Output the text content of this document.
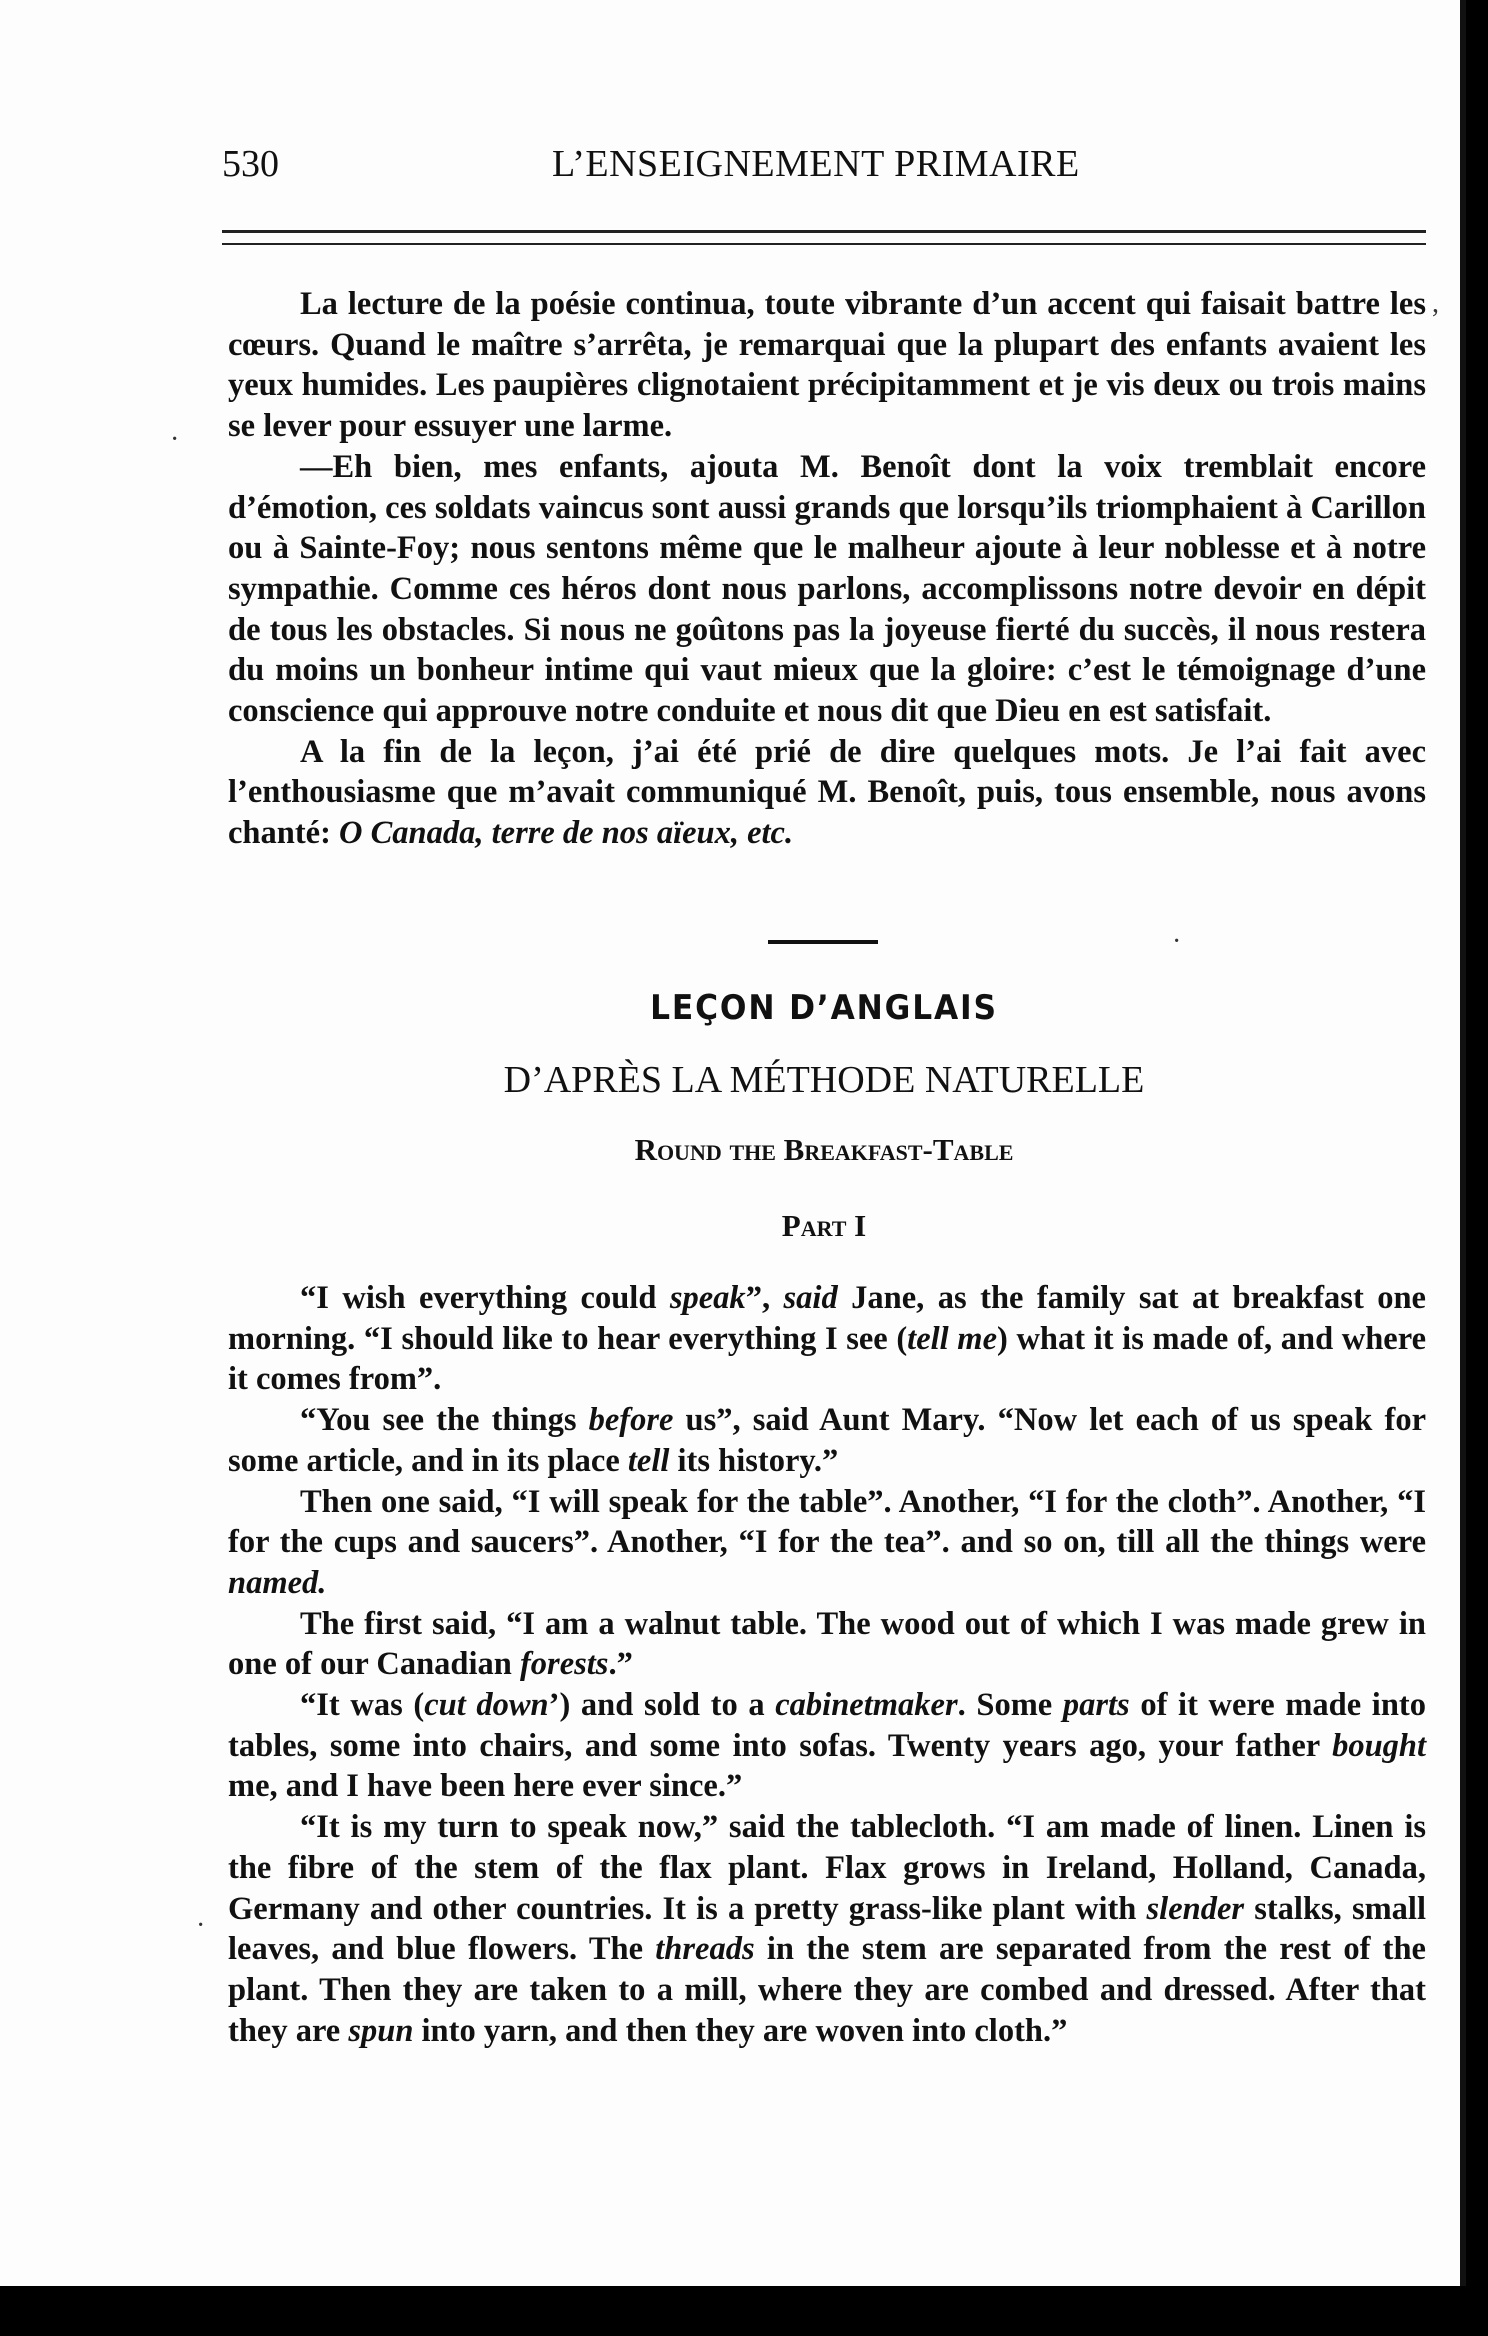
530	L’ENSEIGNEMENT PRIMAIRE

La lecture de la poésie continua, toute vibrante d’un accent qui faisait battre les cœurs. Quand le maître s’arrêta, je remarquai que la plupart des enfants avaient les yeux humides. Les paupières clignotaient précipitamment et je vis deux ou trois mains se lever pour essuyer une larme.

—Eh bien, mes enfants, ajouta M. Benoît dont la voix tremblait encore d’émotion, ces soldats vaincus sont aussi grands que lorsqu’ils triomphaient à Carillon ou à Sainte-Foy; nous sentons même que le malheur ajoute à leur noblesse et à notre sympathie. Comme ces héros dont nous parlons, accomplissons notre devoir en dépit de tous les obstacles. Si nous ne goûtons pas la joyeuse fierté du succès, il nous restera du moins un bonheur intime qui vaut mieux que la gloire: c’est le témoignage d’une conscience qui approuve notre conduite et nous dit que Dieu en est satisfait.

A la fin de la leçon, j’ai été prié de dire quelques mots. Je l’ai fait avec l’enthousiasme que m’avait communiqué M. Benoît, puis, tous ensemble, nous avons chanté: O Canada, terre de nos aïeux, etc.

LEÇON D’ANGLAIS
D’APRÈS LA MÉTHODE NATURELLE
Round the Breakfast-Table
Part I

“I wish everything could speak”, said Jane, as the family sat at breakfast one morning. “I should like to hear everything I see (tell me) what it is made of, and where it comes from”.

“You see the things before us”, said Aunt Mary. “Now let each of us speak for some article, and in its place tell its history.”

Then one said, “I will speak for the table”. Another, “I for the cloth”. Another, “I for the cups and saucers”. Another, “I for the tea”. and so on, till all the things were named.

The first said, “I am a walnut table. The wood out of which I was made grew in one of our Canadian forests.”

“It was (cut down’) and sold to a cabinetmaker. Some parts of it were made into tables, some into chairs, and some into sofas. Twenty years ago, your father bought me, and I have been here ever since.”

“It is my turn to speak now,” said the tablecloth. “I am made of linen. Linen is the fibre of the stem of the flax plant. Flax grows in Ireland, Holland, Canada, Germany and other countries. It is a pretty grass-like plant with slender stalks, small leaves, and blue flowers. The threads in the stem are separated from the rest of the plant. Then they are taken to a mill, where they are combed and dressed. After that they are spun into yarn, and then they are woven into cloth.”

,
·
·
·
